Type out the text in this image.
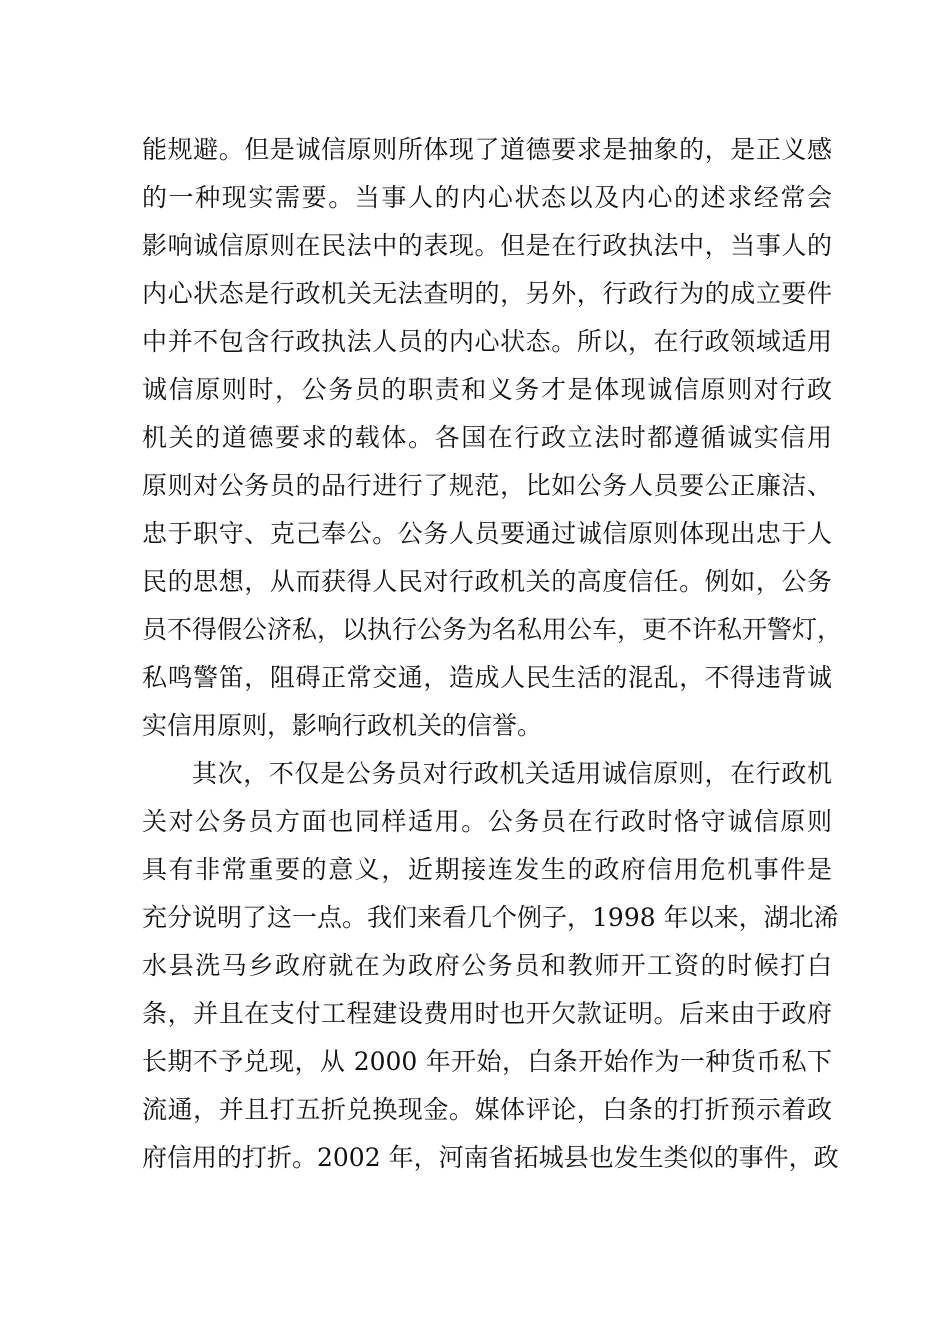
能规避。但是诚信原则所体现了道德要求是抽象的，是正义感
的一种现实需要。当事人的内心状态以及内心的述求经常会
影响诚信原则在民法中的表现。但是在行政执法中，当事人的
内心状态是行政机关无法查明的，另外，行政行为的成立要件
中并不包含行政执法人员的内心状态。所以，在行政领域适用
诚信原则时，公务员的职责和义务才是体现诚信原则对行政
机关的道德要求的载体。各国在行政立法时都遵循诚实信用
原则对公务员的品行进行了规范，比如公务人员要公正廉洁、
忠于职守、克己奉公。公务人员要通过诚信原则体现出忠于人
民的思想，从而获得人民对行政机关的高度信任。例如，公务
员不得假公济私，以执行公务为名私用公车，更不许私开警灯，
私鸣警笛，阻碍正常交通，造成人民生活的混乱，不得违背诚
实信用原则，影响行政机关的信誉。
其次，不仅是公务员对行政机关适用诚信原则，在行政机
关对公务员方面也同样适用。公务员在行政时恪守诚信原则
具有非常重要的意义，近期接连发生的政府信用危机事件是
充分说明了这一点。我们来看几个例子，1998 年以来，湖北浠
水县洗马乡政府就在为政府公务员和教师开工资的时候打白
条，并且在支付工程建设费用时也开欠款证明。后来由于政府
长期不予兑现，从 2000 年开始，白条开始作为一种货币私下
流通，并且打五折兑换现金。媒体评论，白条的打折预示着政
府信用的打折。2002 年，河南省拓城县也发生类似的事件，政
